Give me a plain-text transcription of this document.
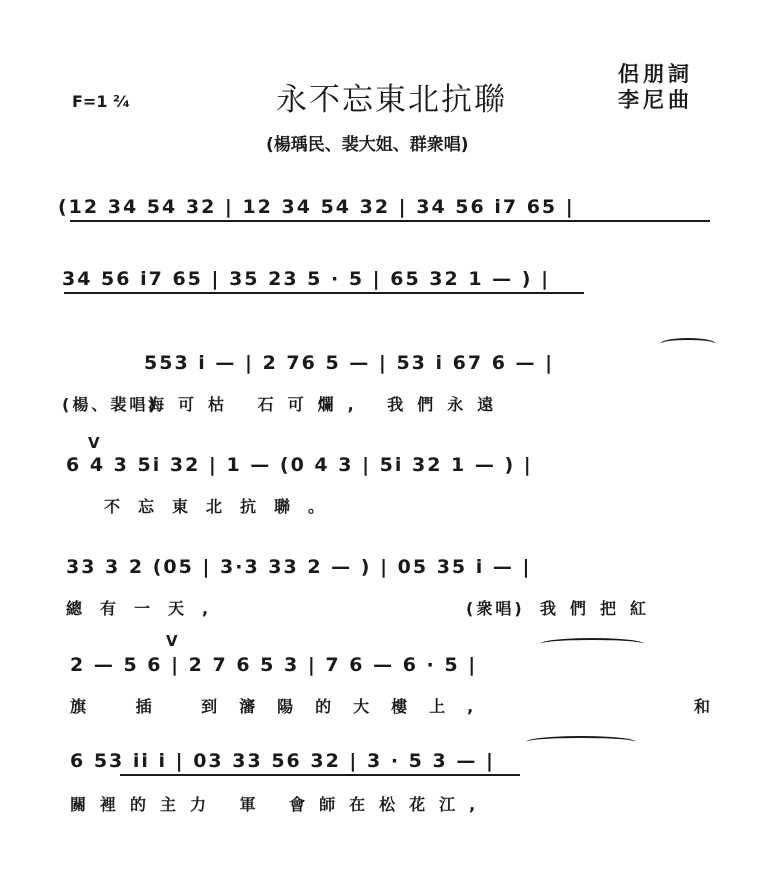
F=1 ²⁄₄	永不忘東北抗聯
侶朋詞
李尼曲
(楊瑀民、裴大姐、群衆唱)
(12 34 54 32 | 12 34 54 32 | 34 56 i7 65 |
34 56 i7 65 | 35 23 5 · 5 | 65 32 1 — ) |
553 i — | 2 76 5 — | 53 i 67 6 — |
(楊、裴唱)
海可枯 石可爛, 我們永遠
V
6 4 3 5i 32 | 1 — (0 4 3 | 5i 32 1 — ) |
不忘東北抗聯。
33 3 2 (05 | 3·3 33 2 — ) | 05 35 i — |
總有一天,	(衆唱) 我們把紅
V
2 — 5 6 | 2 7 6 5 3 | 7 6 — 6 · 5 |
旗 插 到瀋陽的大樓上,	和
6 53 ii i | 03 33 56 32 | 3 · 5 3 — |
關裡的主力 軍 會師在松花江,
